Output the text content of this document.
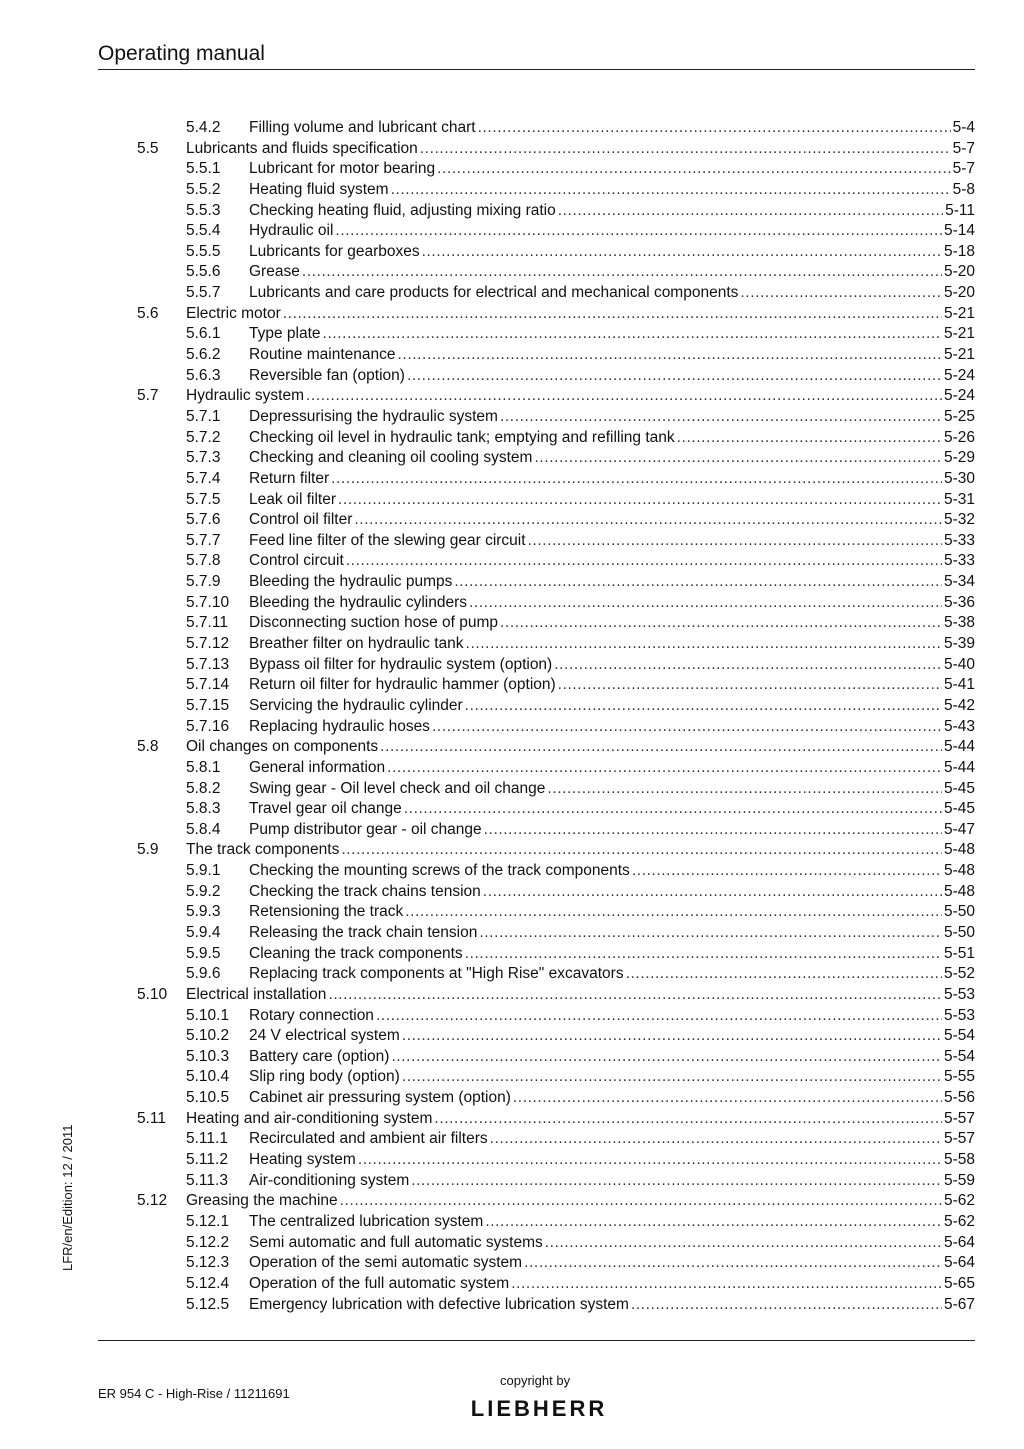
Operating manual
5.4.2 Filling volume and lubricant chart .....	5-4
5.5 Lubricants and fluids specification .....	5-7
5.5.1 Lubricant for motor bearing .....	5-7
5.5.2 Heating fluid system .....	5-8
5.5.3 Checking heating fluid, adjusting mixing ratio .....	5-11
5.5.4 Hydraulic oil .....	5-14
5.5.5 Lubricants for gearboxes .....	5-18
5.5.6 Grease .....	5-20
5.5.7 Lubricants and care products for electrical and mechanical components .....	5-20
5.6 Electric motor .....	5-21
5.6.1 Type plate .....	5-21
5.6.2 Routine maintenance .....	5-21
5.6.3 Reversible fan (option) .....	5-24
5.7 Hydraulic system .....	5-24
5.7.1 Depressurising the hydraulic system .....	5-25
5.7.2 Checking oil level in hydraulic tank; emptying and refilling tank .....	5-26
5.7.3 Checking and cleaning oil cooling system .....	5-29
5.7.4 Return filter .....	5-30
5.7.5 Leak oil filter .....	5-31
5.7.6 Control oil filter .....	5-32
5.7.7 Feed line filter of the slewing gear circuit .....	5-33
5.7.8 Control circuit .....	5-33
5.7.9 Bleeding the hydraulic pumps .....	5-34
5.7.10 Bleeding the hydraulic cylinders .....	5-36
5.7.11 Disconnecting suction hose of pump .....	5-38
5.7.12 Breather filter on hydraulic tank .....	5-39
5.7.13 Bypass oil filter for hydraulic system (option) .....	5-40
5.7.14 Return oil filter for hydraulic hammer (option) .....	5-41
5.7.15 Servicing the hydraulic cylinder .....	5-42
5.7.16 Replacing hydraulic hoses .....	5-43
5.8 Oil changes on components .....	5-44
5.8.1 General information .....	5-44
5.8.2 Swing gear - Oil level check and oil change .....	5-45
5.8.3 Travel gear oil change .....	5-45
5.8.4 Pump distributor gear - oil change .....	5-47
5.9 The track components .....	5-48
5.9.1 Checking the mounting screws of the track components .....	5-48
5.9.2 Checking the track chains tension .....	5-48
5.9.3 Retensioning the track .....	5-50
5.9.4 Releasing the track chain tension .....	5-50
5.9.5 Cleaning the track components .....	5-51
5.9.6 Replacing track components at "High Rise" excavators .....	5-52
5.10 Electrical installation .....	5-53
5.10.1 Rotary connection .....	5-53
5.10.2 24 V electrical system .....	5-54
5.10.3 Battery care (option) .....	5-54
5.10.4 Slip ring body (option) .....	5-55
5.10.5 Cabinet air pressuring system (option) .....	5-56
5.11 Heating and air-conditioning system .....	5-57
5.11.1 Recirculated and ambient air filters .....	5-57
5.11.2 Heating system .....	5-58
5.11.3 Air-conditioning system .....	5-59
5.12 Greasing the machine .....	5-62
5.12.1 The centralized lubrication system .....	5-62
5.12.2 Semi automatic and full automatic systems .....	5-64
5.12.3 Operation of the semi automatic system .....	5-64
5.12.4 Operation of the full automatic system .....	5-65
5.12.5 Emergency lubrication with defective lubrication system .....	5-67
LFR/en/Edition: 12 / 2011
ER 954 C - High-Rise / 11211691
copyright by
LIEBHERR
